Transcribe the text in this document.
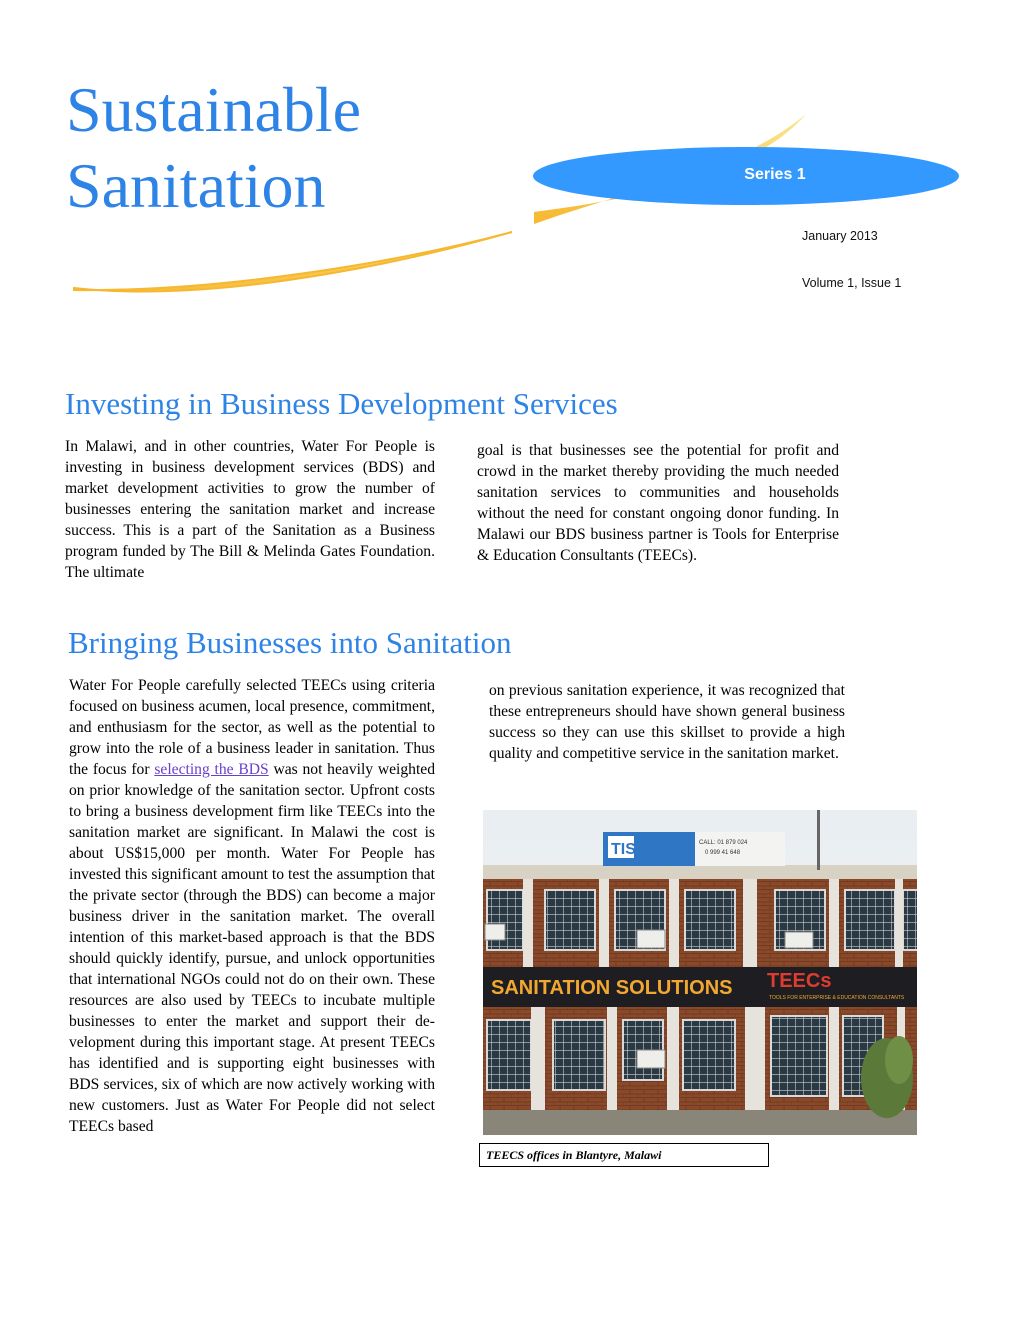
Sustainable
Sanitation	Series 1
January 2013
Volume 1, Issue 1
Investing in Business Development Services

In Malawi, and in other countries, Water For People is investing in business development services (BDS) and market development activities to grow the number of businesses entering the sanitation market and increase success. This is a part of the Sanitation as a Business program funded by The Bill & Melinda Gates Foundation. The ultimate

goal is that businesses see the potential for profit and crowd in the market thereby providing the much needed sanitation services to communities and households without the need for constant ongoing donor funding. In Malawi our BDS business partner is Tools for Enterprise & Education Consultants (TEECs).

Bringing Businesses into Sanitation

Water For People carefully selected TEECs using criteria focused on business acumen, local presence, commitment, and enthusiasm for the sector, as well as the potential to grow into the role of a business leader in sanitation. Thus the focus for selecting the BDS was not heavily weighted on prior knowledge of the sanitation sector. Upfront costs to bring a business development firm like TEECs into the sanitation market are significant. In Malawi the cost is about US$15,000 per month. Water For People has invested this significant amount to test the assumption that the private sector (through the BDS) can become a major business driver in the sanitation market. The overall intention of this market-based approach is that the BDS should quickly identify, pursue, and unlock opportunities that international NGOs could not do on their own. These resources are also used by TEECs to incubate multiple businesses to enter the market and support their development during this important stage. At present TEECs has identified and is supporting eight businesses with BDS services, six of which are now actively working with new customers. Just as Water For People did not select TEECs based

on previous sanitation experience, it was recognized that these entrepreneurs should have shown general business success so they can use this skillset to provide a high quality and competitive service in the sanitation market.

TIS	CALL: 01 879 024
0 999 41 648
SANITATION SOLUTIONS TEECs
TOOLS FOR ENTERPRISE & EDUCATION CONSULTANTS
TEECS offices in Blantyre, Malawi
